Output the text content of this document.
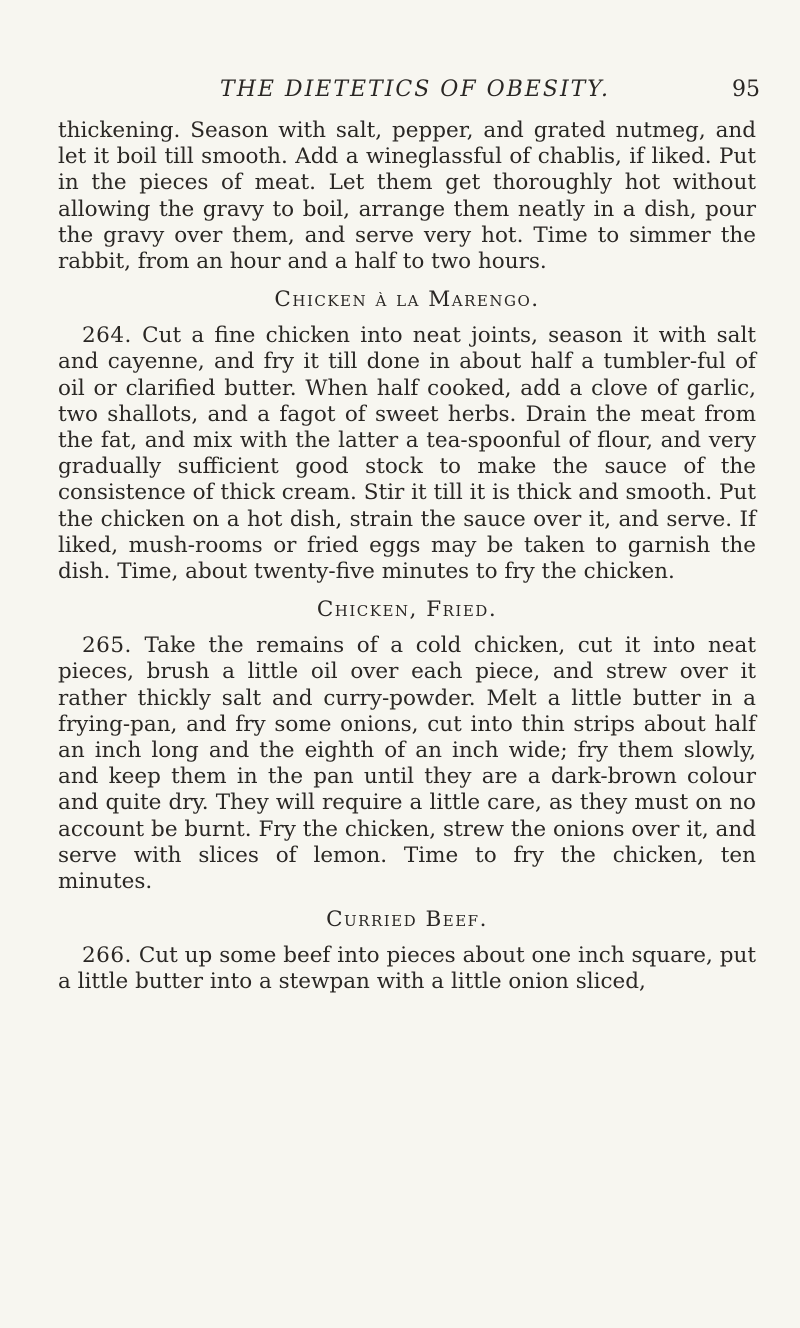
THE DIETETICS OF OBESITY.	95

thickening. Season with salt, pepper, and grated nutmeg, and let it boil till smooth. Add a wineglassful of chablis, if liked. Put in the pieces of meat. Let them get thoroughly hot without allowing the gravy to boil, arrange them neatly in a dish, pour the gravy over them, and serve very hot. Time to simmer the rabbit, from an hour and a half to two hours.

Chicken à la Marengo.

264. Cut a fine chicken into neat joints, season it with salt and cayenne, and fry it till done in about half a tumbler-ful of oil or clarified butter. When half cooked, add a clove of garlic, two shallots, and a fagot of sweet herbs. Drain the meat from the fat, and mix with the latter a tea-spoonful of flour, and very gradually sufficient good stock to make the sauce of the consistence of thick cream. Stir it till it is thick and smooth. Put the chicken on a hot dish, strain the sauce over it, and serve. If liked, mush-rooms or fried eggs may be taken to garnish the dish. Time, about twenty-five minutes to fry the chicken.

Chicken, Fried.

265. Take the remains of a cold chicken, cut it into neat pieces, brush a little oil over each piece, and strew over it rather thickly salt and curry-powder. Melt a little butter in a frying-pan, and fry some onions, cut into thin strips about half an inch long and the eighth of an inch wide; fry them slowly, and keep them in the pan until they are a dark-brown colour and quite dry. They will require a little care, as they must on no account be burnt. Fry the chicken, strew the onions over it, and serve with slices of lemon. Time to fry the chicken, ten minutes.

Curried Beef.

266. Cut up some beef into pieces about one inch square, put a little butter into a stewpan with a little onion sliced,
